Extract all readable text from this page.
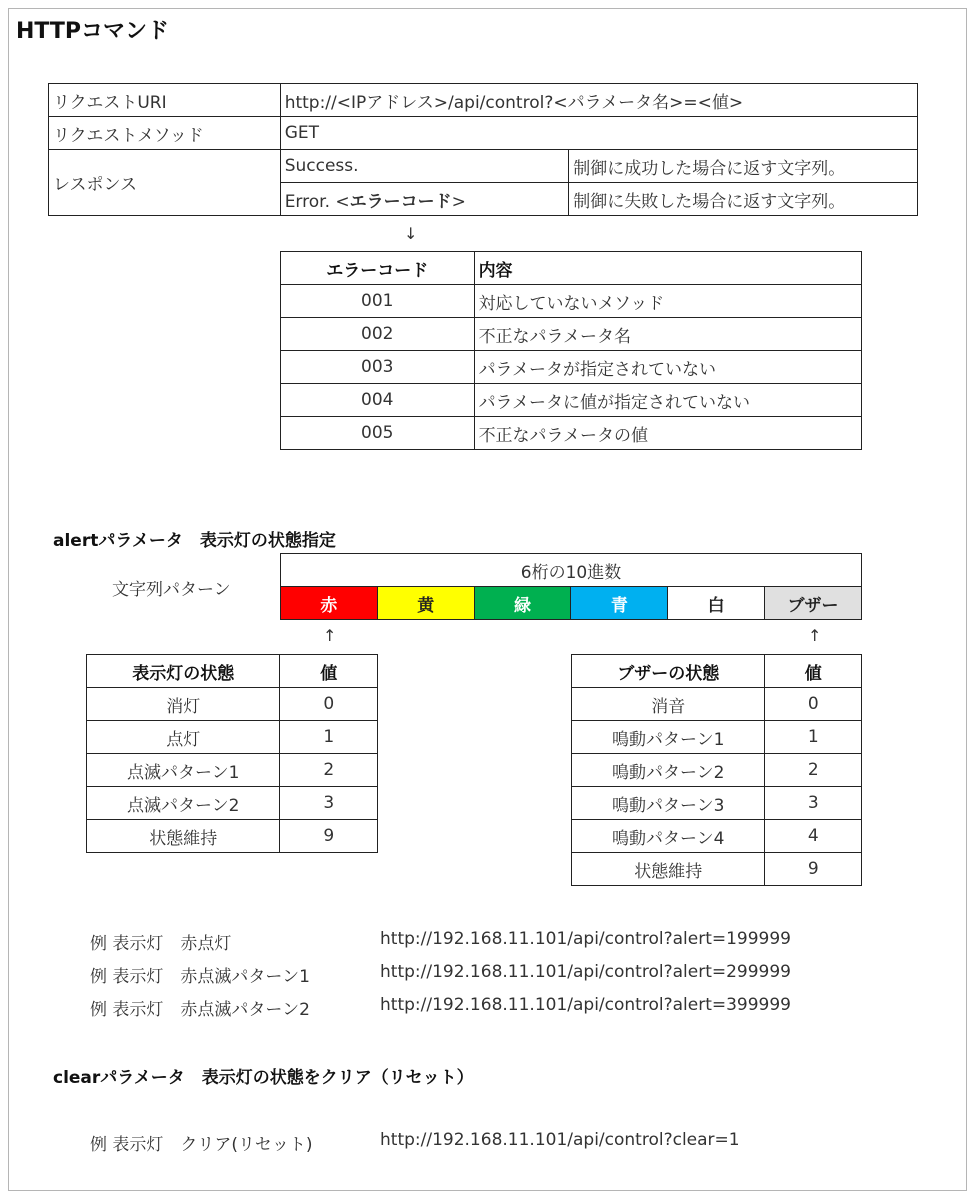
HTTPコマンド
リクエストURI	http://<IPアドレス>/api/control?<パラメータ名>=<値>	
リクエストメソッド	GET	
レスポンス	Success.	制御に成功した場合に返す文字列。
	Error. <エラーコード>	制御に失敗した場合に返す文字列。
↓
エラーコード	内容
001	対応していないメソッド
002	不正なパラメータ名
003	パラメータが指定されていない
004	パラメータに値が指定されていない
005	不正なパラメータの値
alertパラメータ　表示灯の状態指定
文字列パターン
6桁の10進数
赤	黄	緑	青	白	ブザー
↑	↑
表示灯の状態	値
消灯	0
点灯	1
点滅パターン1	2
点滅パターン2	3
状態維持	9
ブザーの状態	値
消音	0
鳴動パターン1	1
鳴動パターン2	2
鳴動パターン3	3
鳴動パターン4	4
状態維持	9
例 表示灯　赤点灯	http://192.168.11.101/api/control?alert=199999
例 表示灯　赤点滅パターン1	http://192.168.11.101/api/control?alert=299999
例 表示灯　赤点滅パターン2	http://192.168.11.101/api/control?alert=399999
clearパラメータ　表示灯の状態をクリア（リセット）
例 表示灯　クリア(リセット)	http://192.168.11.101/api/control?clear=1
